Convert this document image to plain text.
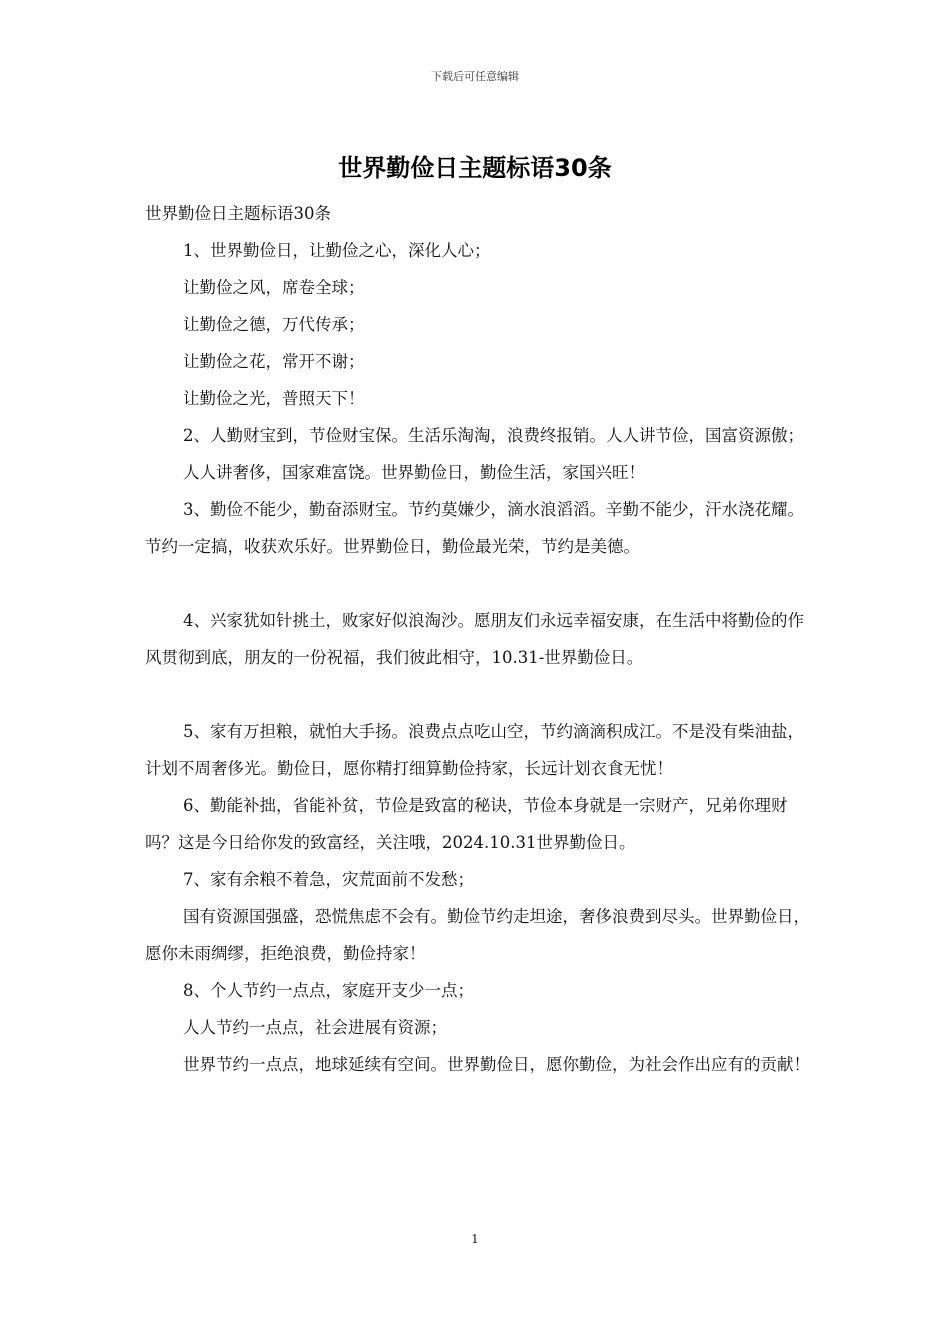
下载后可任意编辑
世界勤俭日主题标语30条

世界勤俭日主题标语30条

1、世界勤俭日，让勤俭之心，深化人心；

让勤俭之风，席卷全球；

让勤俭之德，万代传承；

让勤俭之花，常开不谢；

让勤俭之光，普照天下！

2、人勤财宝到，节俭财宝保。生活乐淘淘，浪费终报销。人人讲节俭，国富资源傲；

人人讲奢侈，国家难富饶。世界勤俭日，勤俭生活，家国兴旺！

3、勤俭不能少，勤奋添财宝。节约莫嫌少，滴水浪滔滔。辛勤不能少，汗水浇花耀。节约一定搞，收获欢乐好。世界勤俭日，勤俭最光荣，节约是美德。

4、兴家犹如针挑土，败家好似浪淘沙。愿朋友们永远幸福安康，在生活中将勤俭的作风贯彻到底，朋友的一份祝福，我们彼此相守，10.31-世界勤俭日。

5、家有万担粮，就怕大手扬。浪费点点吃山空，节约滴滴积成江。不是没有柴油盐，计划不周奢侈光。勤俭日，愿你精打细算勤俭持家，长远计划衣食无忧！

6、勤能补拙，省能补贫，节俭是致富的秘诀，节俭本身就是一宗财产，兄弟你理财吗？这是今日给你发的致富经，关注哦，2024.10.31世界勤俭日。

7、家有余粮不着急，灾荒面前不发愁；

国有资源国强盛，恐慌焦虑不会有。勤俭节约走坦途，奢侈浪费到尽头。世界勤俭日，愿你未雨绸缪，拒绝浪费，勤俭持家！

8、个人节约一点点，家庭开支少一点；

人人节约一点点，社会进展有资源；

世界节约一点点，地球延续有空间。世界勤俭日，愿你勤俭，为社会作出应有的贡献！

1
